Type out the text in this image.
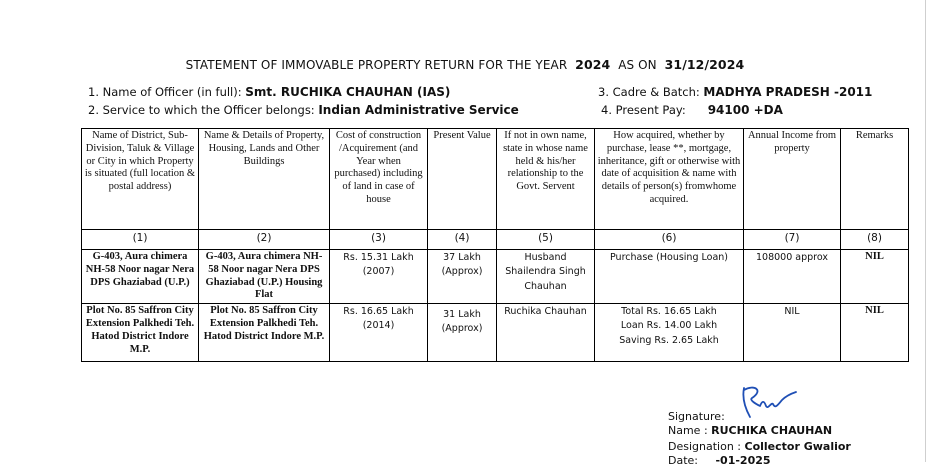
STATEMENT OF IMMOVABLE PROPERTY RETURN FOR THE YEAR 2024 AS ON 31/12/2024
1. Name of Officer (in full): Smt. RUCHIKA CHAUHAN (IAS)
2. Service to which the Officer belongs: Indian Administrative Service
3. Cadre & Batch: MADHYA PRADESH -2011
4. Present Pay: 94100 +DA
Name of District, Sub-Division, Taluk & Village or City in which Property is situated (full location & postal address)	Name & Details of Property, Housing, Lands and Other Buildings	Cost of construction /Acquirement (and Year when purchased) including of land in case of house	Present Value	If not in own name, state in whose name held & his/her relationship to the Govt. Servent	How acquired, whether by purchase, lease **, mortgage, inheritance, gift or otherwise with date of acquisition & name with details of person(s) fromwhome acquired.	Annual Income from property	Remarks
(1)	(2)	(3)	(4)	(5)	(6)	(7)	(8)
G-403, Aura chimera NH-58 Noor nagar Nera DPS Ghaziabad (U.P.)	G-403, Aura chimera NH-58 Noor nagar Nera DPS Ghaziabad (U.P.) Housing Flat	Rs. 15.31 Lakh (2007)	37 Lakh (Approx)	Husband Shailendra Singh Chauhan	Purchase (Housing Loan)	108000 approx	NIL
Plot No. 85 Saffron City Extension Palkhedi Teh. Hatod District Indore M.P.	Plot No. 85 Saffron City Extension Palkhedi Teh. Hatod District Indore M.P.	Rs. 16.65 Lakh (2014)	31 Lakh (Approx)	Ruchika Chauhan	Total Rs. 16.65 Lakh
Loan Rs. 14.00 Lakh
Saving Rs. 2.65 Lakh	NIL	NIL
Signature:
Name : RUCHIKA CHAUHAN
Designation : Collector Gwalior
Date: -01-2025
